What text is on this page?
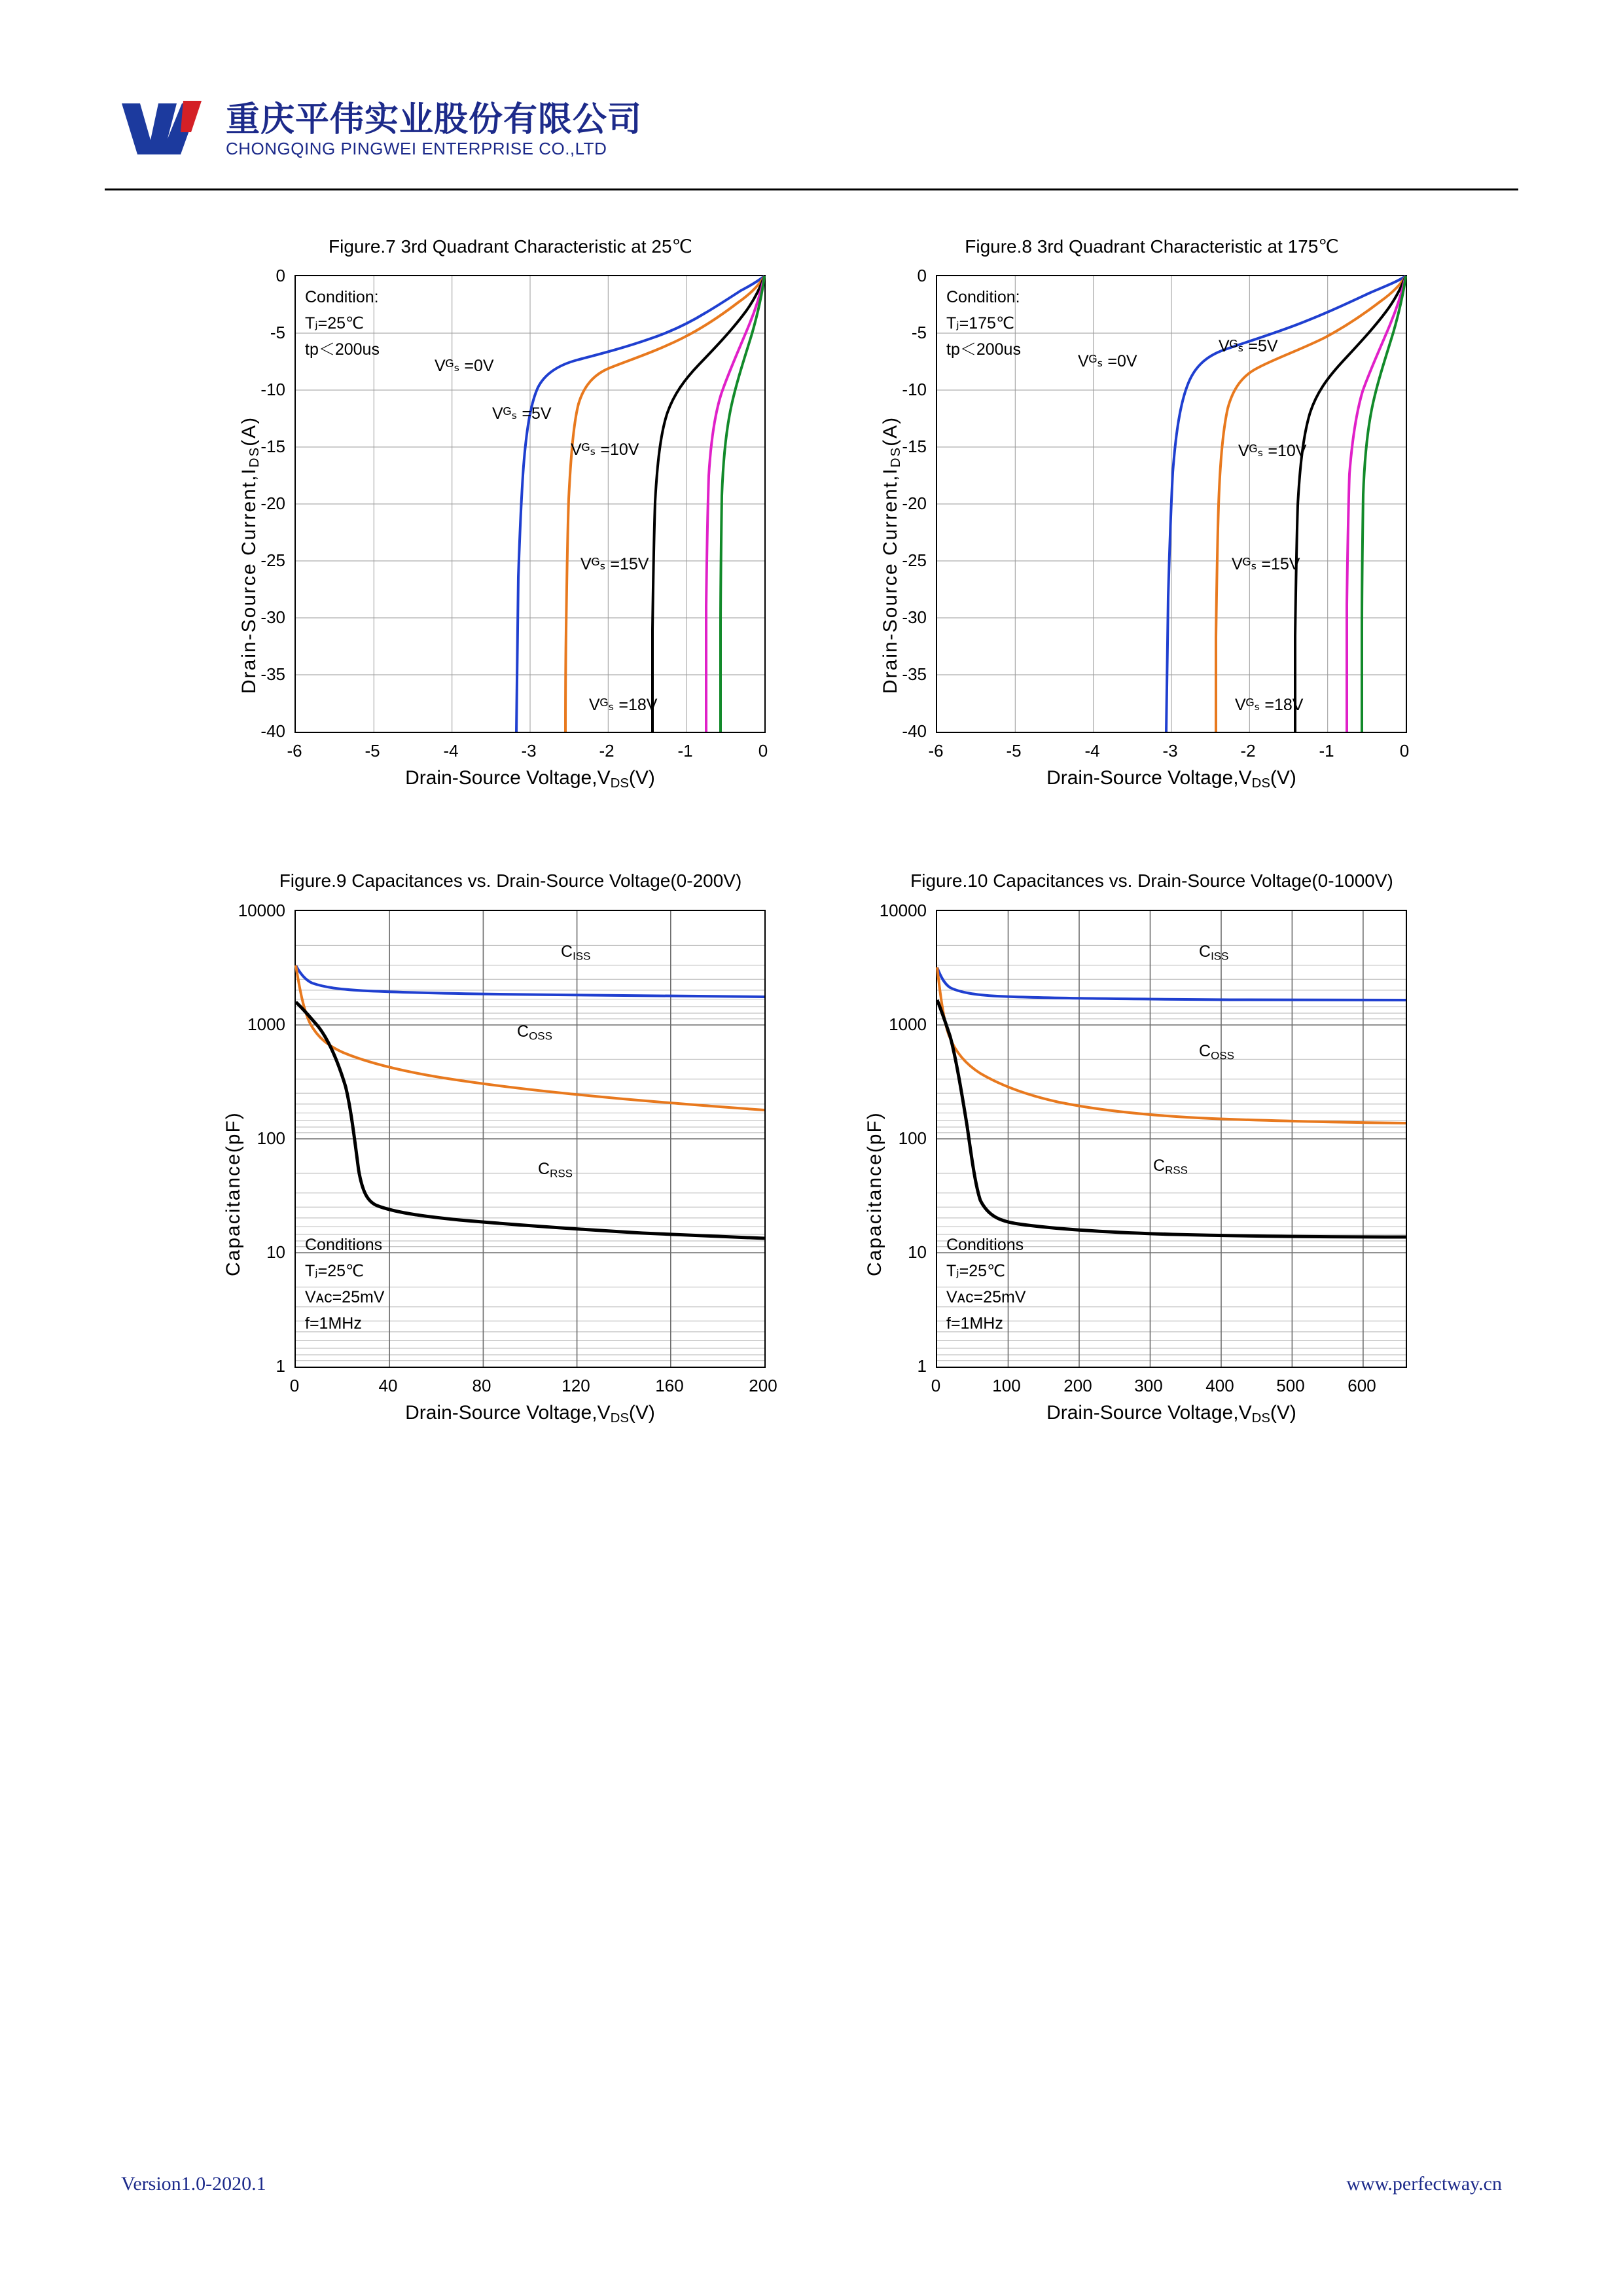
重庆平伟实业股份有限公司
CHONGQING PINGWEI ENTERPRISE CO.,LTD
Figure.7 3rd Quadrant Characteristic at 25℃
Condition:
Tⱼ=25℃
tp＜200us
Vᴳₛ =0V
Vᴳₛ =5V
Vᴳₛ =10V
Vᴳₛ =15V
Vᴳₛ =18V
0
-5
-10
-15
-20
-25
-30
-35
-40
-6	-5	-4	-3	-2	-1	0
Drain-Source $Voltage,V_{DS}(V)$
Drain-Source $Current,I_{DS}(A)$
Figure.8 3rd Quadrant Characteristic at 175℃
Condition:
Tⱼ=175℃
tp＜200us
Vᴳₛ =0V
Vᴳₛ =5V
Vᴳₛ =10V
Vᴳₛ =15V
Vᴳₛ =18V
0
-5
-10
-15
-20
-25
-30
-35
-40
-6	-5	-4	-3	-2	-1	0
Drain-Source $Voltage,V_{DS}(V)$
Drain-Source $Current,I_{DS}(A)$
Figure.9 Capacitances vs. Drain-Source Voltage(0-200V)
$C_{ISS}$
$C_{OSS}$
$C_{RSS}$
Conditions
Tⱼ=25℃
Vᴀᴄ=25mV
f=1MHz
10000
1000
100
10
1
0	40	80	120	160	200
Drain-Source $Voltage,V_{DS}(V)$
Capacitance(pF)
Figure.10 Capacitances vs. Drain-Source Voltage(0-1000V)
$C_{ISS}$
$C_{OSS}$
$C_{RSS}$
Conditions
Tⱼ=25℃
Vᴀᴄ=25mV
f=1MHz
10000
1000
100
10
1
0	100	200	300	400	500	600
Drain-Source $Voltage,V_{DS}(V)$
Capacitance(pF)
Version1.0-2020.1	www.perfectway.cn
